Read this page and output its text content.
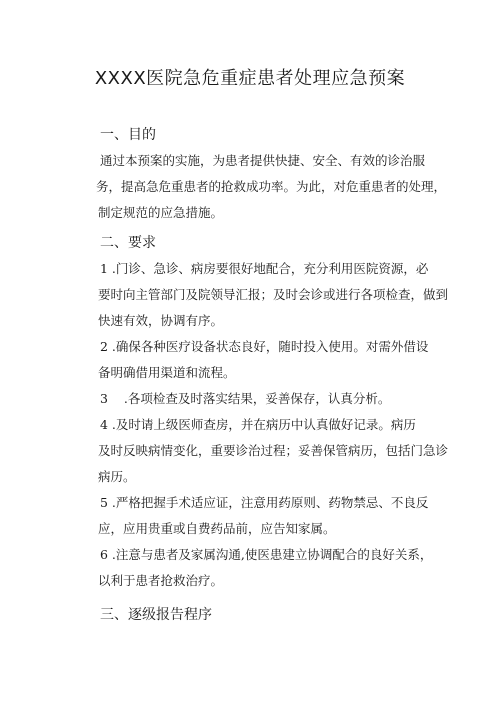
XXXX医院急危重症患者处理应急预案
一、目的
通过本预案的实施，为患者提供快捷、安全、有效的诊治服
务，提高急危重患者的抢救成功率。为此，对危重患者的处理，
制定规范的应急措施。
二、要求
1 .门诊、急诊、病房要很好地配合，充分利用医院资源，必
要时向主管部门及院领导汇报；及时会诊或进行各项检查，做到
快速有效，协调有序。
2 .确保各种医疗设备状态良好，随时投入使用。对需外借设
备明确借用渠道和流程。
3    .各项检查及时落实结果，妥善保存，认真分析。
4 .及时请上级医师查房，并在病历中认真做好记录。病历
及时反映病情变化，重要诊治过程；妥善保管病历，包括门急诊
病历。
5 .严格把握手术适应证，注意用药原则、药物禁忌、不良反
应，应用贵重或自费药品前，应告知家属。
6 .注意与患者及家属沟通,使医患建立协调配合的良好关系，
以利于患者抢救治疗。
三、逐级报告程序
